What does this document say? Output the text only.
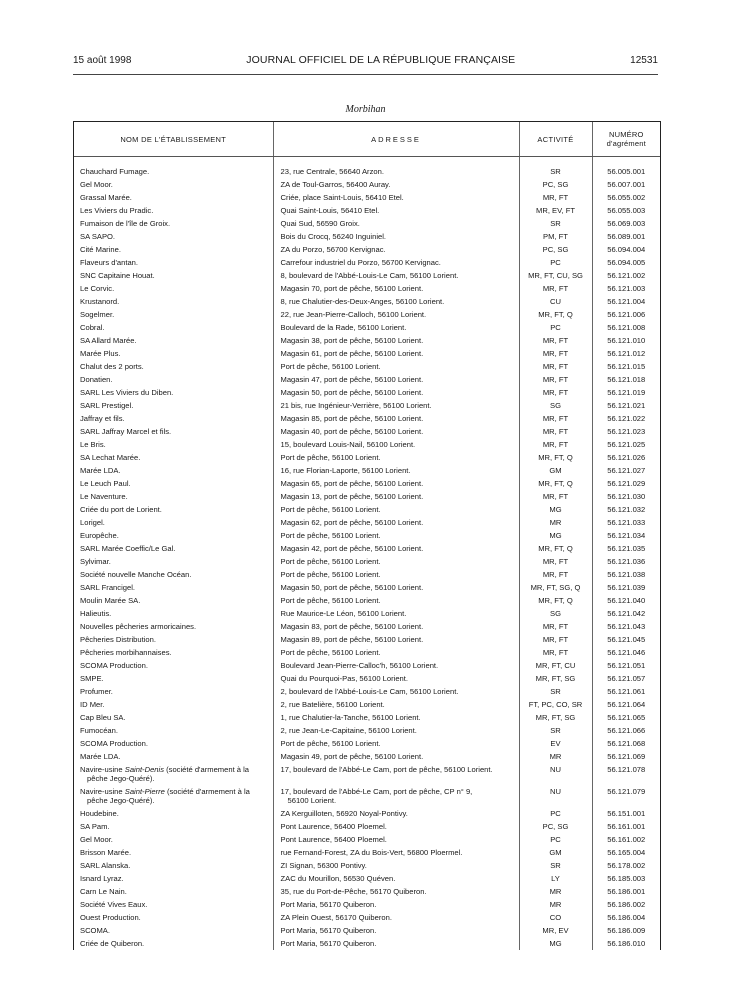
15 août 1998	JOURNAL OFFICIEL DE LA RÉPUBLIQUE FRANÇAISE	12531
Morbihan
NOM DE L'ÉTABLISSEMENT	ADRESSE	ACTIVITÉ	NUMÉRO
d'agrément

Chauchard Fumage.	23, rue Centrale, 56640 Arzon.	SR	56.005.001
Gel Moor.	ZA de Toul-Garros, 56400 Auray.	PC, SG	56.007.001
Grassal Marée.	Criée, place Saint-Louis, 56410 Etel.	MR, FT	56.055.002
Les Viviers du Pradic.	Quai Saint-Louis, 56410 Etel.	MR, EV, FT	56.055.003
Fumaison de l'île de Groix.	Quai Sud, 56590 Groix.	SR	56.069.003
SA SAPO.	Bois du Crocq, 56240 Inguiniel.	PM, FT	56.089.001
Cité Marine.	ZA du Porzo, 56700 Kervignac.	PC, SG	56.094.004
Flaveurs d'antan.	Carrefour industriel du Porzo, 56700 Kervignac.	PC	56.094.005
SNC Capitaine Houat.	8, boulevard de l'Abbé-Louis-Le Cam, 56100 Lorient.	MR, FT, CU, SG	56.121.002
Le Corvic.	Magasin 70, port de pêche, 56100 Lorient.	MR, FT	56.121.003
Krustanord.	8, rue Chalutier-des-Deux-Anges, 56100 Lorient.	CU	56.121.004
Sogelmer.	22, rue Jean-Pierre-Calloch, 56100 Lorient.	MR, FT, Q	56.121.006
Cobral.	Boulevard de la Rade, 56100 Lorient.	PC	56.121.008
SA Allard Marée.	Magasin 38, port de pêche, 56100 Lorient.	MR, FT	56.121.010
Marée Plus.	Magasin 61, port de pêche, 56100 Lorient.	MR, FT	56.121.012
Chalut des 2 ports.	Port de pêche, 56100 Lorient.	MR, FT	56.121.015
Donatien.	Magasin 47, port de pêche, 56100 Lorient.	MR, FT	56.121.018
SARL Les Viviers du Diben.	Magasin 50, port de pêche, 56100 Lorient.	MR, FT	56.121.019
SARL Prestigel.	21 bis, rue Ingénieur-Verrière, 56100 Lorient.	SG	56.121.021
Jaffray et fils.	Magasin 85, port de pêche, 56100 Lorient.	MR, FT	56.121.022
SARL Jaffray Marcel et fils.	Magasin 40, port de pêche, 56100 Lorient.	MR, FT	56.121.023
Le Bris.	15, boulevard Louis-Nail, 56100 Lorient.	MR, FT	56.121.025
SA Lechat Marée.	Port de pêche, 56100 Lorient.	MR, FT, Q	56.121.026
Marée LDA.	16, rue Florian-Laporte, 56100 Lorient.	GM	56.121.027
Le Leuch Paul.	Magasin 65, port de pêche, 56100 Lorient.	MR, FT, Q	56.121.029
Le Naventure.	Magasin 13, port de pêche, 56100 Lorient.	MR, FT	56.121.030
Criée du port de Lorient.	Port de pêche, 56100 Lorient.	MG	56.121.032
Lorigel.	Magasin 62, port de pêche, 56100 Lorient.	MR	56.121.033
Europêche.	Port de pêche, 56100 Lorient.	MG	56.121.034
SARL Marée Coeffic/Le Gal.	Magasin 42, port de pêche, 56100 Lorient.	MR, FT, Q	56.121.035
Sylvimar.	Port de pêche, 56100 Lorient.	MR, FT	56.121.036
Société nouvelle Manche Océan.	Port de pêche, 56100 Lorient.	MR, FT	56.121.038
SARL Francigel.	Magasin 50, port de pêche, 56100 Lorient.	MR, FT, SG, Q	56.121.039
Moulin Marée SA.	Port de pêche, 56100 Lorient.	MR, FT, Q	56.121.040
Halieutis.	Rue Maurice-Le Léon, 56100 Lorient.	SG	56.121.042
Nouvelles pêcheries armoricaines.	Magasin 83, port de pêche, 56100 Lorient.	MR, FT	56.121.043
Pêcheries Distribution.	Magasin 89, port de pêche, 56100 Lorient.	MR, FT	56.121.045
Pêcheries morbihannaises.	Port de pêche, 56100 Lorient.	MR, FT	56.121.046
SCOMA Production.	Boulevard Jean-Pierre-Calloc'h, 56100 Lorient.	MR, FT, CU	56.121.051
SMPE.	Quai du Pourquoi-Pas, 56100 Lorient.	MR, FT, SG	56.121.057
Profumer.	2, boulevard de l'Abbé-Louis-Le Cam, 56100 Lorient.	SR	56.121.061
ID Mer.	2, rue Batelière, 56100 Lorient.	FT, PC, CO, SR	56.121.064
Cap Bleu SA.	1, rue Chalutier-la-Tanche, 56100 Lorient.	MR, FT, SG	56.121.065
Fumocéan.	2, rue Jean-Le-Capitaine, 56100 Lorient.	SR	56.121.066
SCOMA Production.	Port de pêche, 56100 Lorient.	EV	56.121.068
Marée LDA.	Magasin 49, port de pêche, 56100 Lorient.	MR	56.121.069
Navire-usine Saint-Denis (société d'armement à la
pêche Jego-Quéré).	17, boulevard de l'Abbé-Le Cam, port de pêche, 56100 Lorient.	NU	56.121.078
Navire-usine Saint-Pierre (société d'armement à la
pêche Jego-Quéré).	17, boulevard de l'Abbé-Le Cam, port de pêche, CP n° 9,
56100 Lorient.	NU	56.121.079
Houdebine.	ZA Kerguilloten, 56920 Noyal-Pontivy.	PC	56.151.001
SA Pam.	Pont Laurence, 56400 Ploemel.	PC, SG	56.161.001
Gel Moor.	Pont Laurence, 56400 Ploemel.	PC	56.161.002
Brisson Marée.	rue Fernand-Forest, ZA du Bois-Vert, 56800 Ploermel.	GM	56.165.004
SARL Alanska.	ZI Signan, 56300 Pontivy.	SR	56.178.002
Isnard Lyraz.	ZAC du Mourillon, 56530 Quéven.	LY	56.185.003
Carn Le Nain.	35, rue du Port-de-Pêche, 56170 Quiberon.	MR	56.186.001
Société Vives Eaux.	Port Maria, 56170 Quiberon.	MR	56.186.002
Ouest Production.	ZA Plein Ouest, 56170 Quiberon.	CO	56.186.004
SCOMA.	Port Maria, 56170 Quiberon.	MR, EV	56.186.009
Criée de Quiberon.	Port Maria, 56170 Quiberon.	MG	56.186.010
